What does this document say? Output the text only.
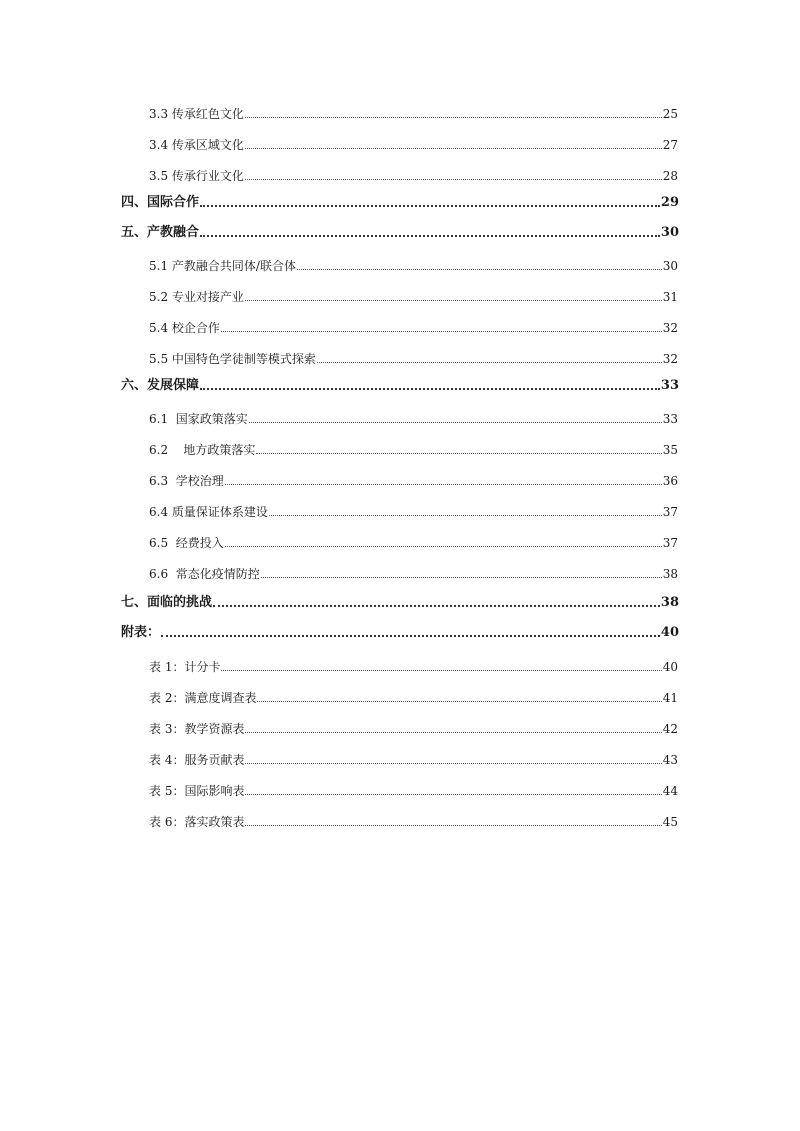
3.3 传承红色文化	25
3.4 传承区域文化	27
3.5 传承行业文化	28
四、国际合作	29
五、产教融合	30
5.1 产教融合共同体/联合体	30
5.2 专业对接产业	31
5.4 校企合作	32
5.5 中国特色学徒制等模式探索	32
六、发展保障	33
6.1  国家政策落实	33
6.2    地方政策落实	35
6.3  学校治理	36
6.4 质量保证体系建设	37
6.5  经费投入	37
6.6  常态化疫情防控	38
七、面临的挑战	38
附表：	40
表 1：计分卡	40
表 2：满意度调查表	41
表 3：教学资源表	42
表 4：服务贡献表	43
表 5：国际影响表	44
表 6：落实政策表	45
